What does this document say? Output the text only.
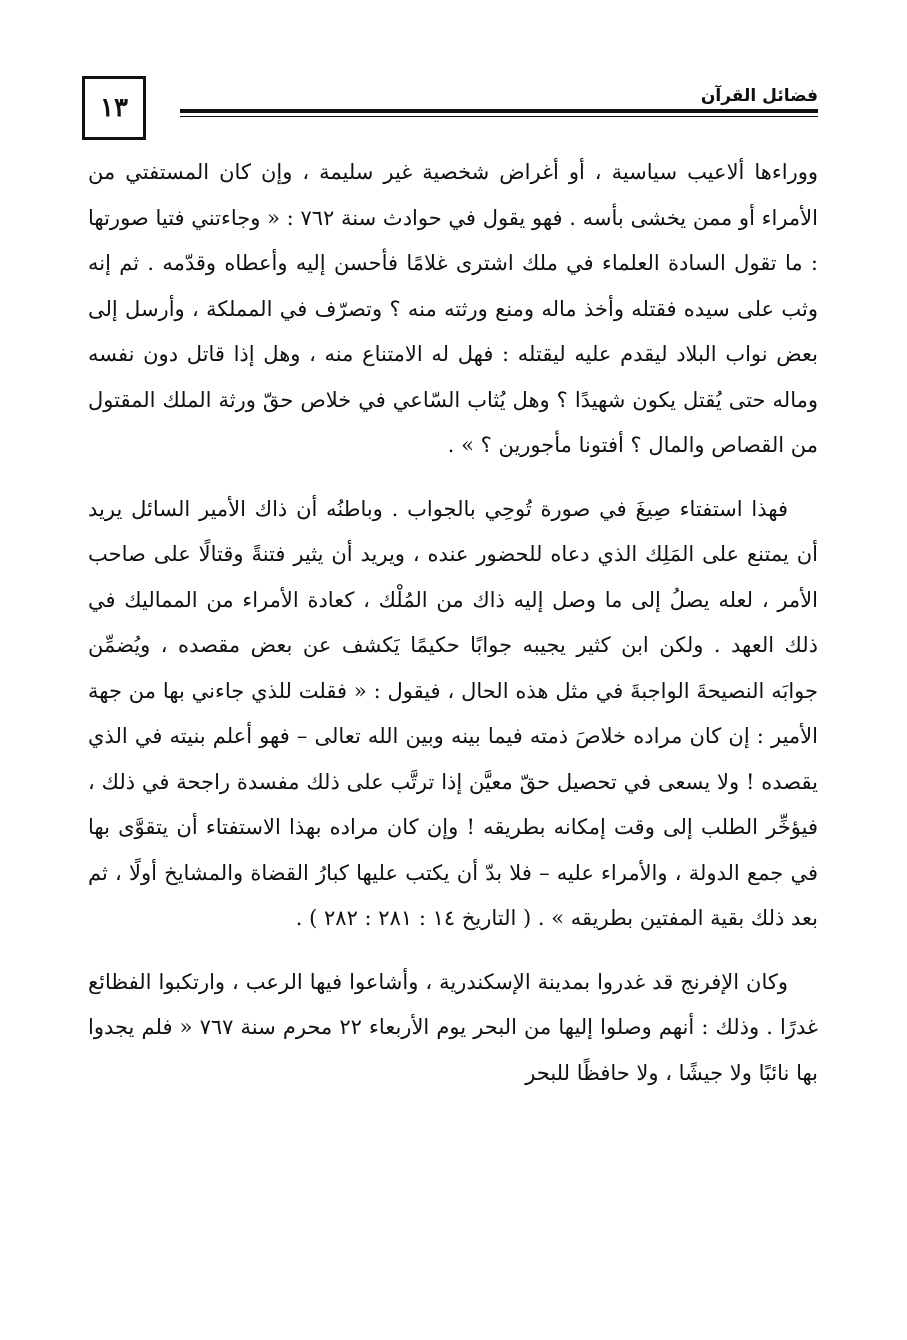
١٣	فضائل القرآن

ووراءها ألاعيب سياسية ، أو أغراض شخصية غير سليمة ، وإن كان المستفتي من الأمراء أو ممن يخشى بأسه . فهو يقول في حوادث سنة ٧٦٢ : « وجاءتني فتيا صورتها : ما تقول السادة العلماء في ملك اشترى غلامًا فأحسن إليه وأعطاه وقدّمه . ثم إنه وثب على سيده فقتله وأخذ ماله ومنع ورثته منه ؟ وتصرّف في المملكة ، وأرسل إلى بعض نواب البلاد ليقدم عليه ليقتله : فهل له الامتناع منه ، وهل إذا قاتل دون نفسه وماله حتى يُقتل يكون شهيدًا ؟ وهل يُثاب السّاعي في خلاص حقّ ورثة الملك المقتول من القصاص والمال ؟ أفتونا مأجورين ؟ » .

فهذا استفتاء صِيغَ في صورة تُوحِي بالجواب . وباطنُه أن ذاك الأمير السائل يريد أن يمتنع على المَلِك الذي دعاه للحضور عنده ، ويريد أن يثير فتنةً وقتالًا على صاحب الأمر ، لعله يصلُ إلى ما وصل إليه ذاك من المُلْك ، كعادة الأمراء من المماليك في ذلك العهد . ولكن ابن كثير يجيبه جوابًا حكيمًا يَكشف عن بعض مقصده ، ويُضمِّن جوابَه النصيحةَ الواجبةَ في مثل هذه الحال ، فيقول : « فقلت للذي جاءني بها من جهة الأمير : إن كان مراده خلاصَ ذمته فيما بينه وبين الله تعالى – فهو أعلم بنيته في الذي يقصده ! ولا يسعى في تحصيل حقّ معيَّن إذا ترتَّب على ذلك مفسدة راجحة في ذلك ، فيؤخِّر الطلب إلى وقت إمكانه بطريقه ! وإن كان مراده بهذا الاستفتاء أن يتقوَّى بها في جمع الدولة ، والأمراء عليه – فلا بدّ أن يكتب عليها كبارُ القضاة والمشايخ أولًا ، ثم بعد ذلك بقية المفتين بطريقه » . ( التاريخ ١٤ : ٢٨١ : ٢٨٢ ) .

وكان الإفرنج قد غدروا بمدينة الإسكندرية ، وأشاعوا فيها الرعب ، وارتكبوا الفظائع غدرًا . وذلك : أنهم وصلوا إليها من البحر يوم الأربعاء ٢٢ محرم سنة ٧٦٧ « فلم يجدوا بها نائبًا ولا جيشًا ، ولا حافظًا للبحر
